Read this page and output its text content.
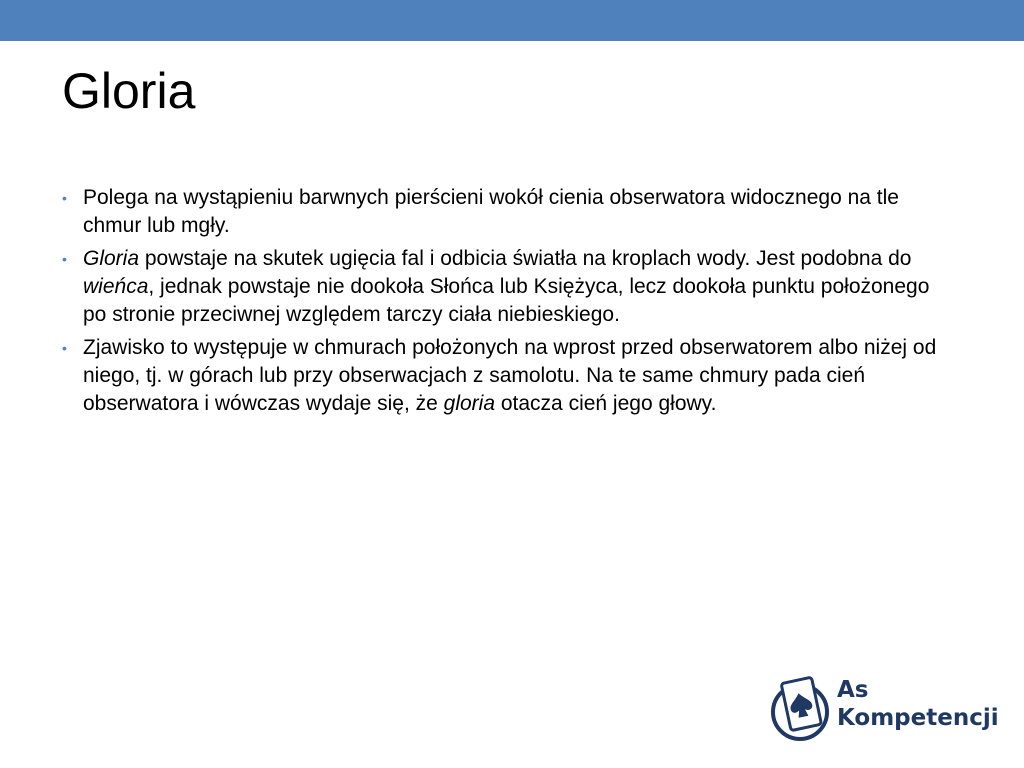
Gloria
• Polega na wystąpieniu barwnych pierścieni wokół cienia obserwatora widocznego na tle chmur lub mgły.
• Gloria powstaje na skutek ugięcia fal i odbicia światła na kroplach wody. Jest podobna do wieńca, jednak powstaje nie dookoła Słońca lub Księżyca, lecz dookoła punktu położonego po stronie przeciwnej względem tarczy ciała niebieskiego.
• Zjawisko to występuje w chmurach położonych na wprost przed obserwatorem albo niżej od niego, tj. w górach lub przy obserwacjach z samolotu. Na te same chmury pada cień obserwatora i wówczas wydaje się, że gloria otacza cień jego głowy.
As
Kompetencji
